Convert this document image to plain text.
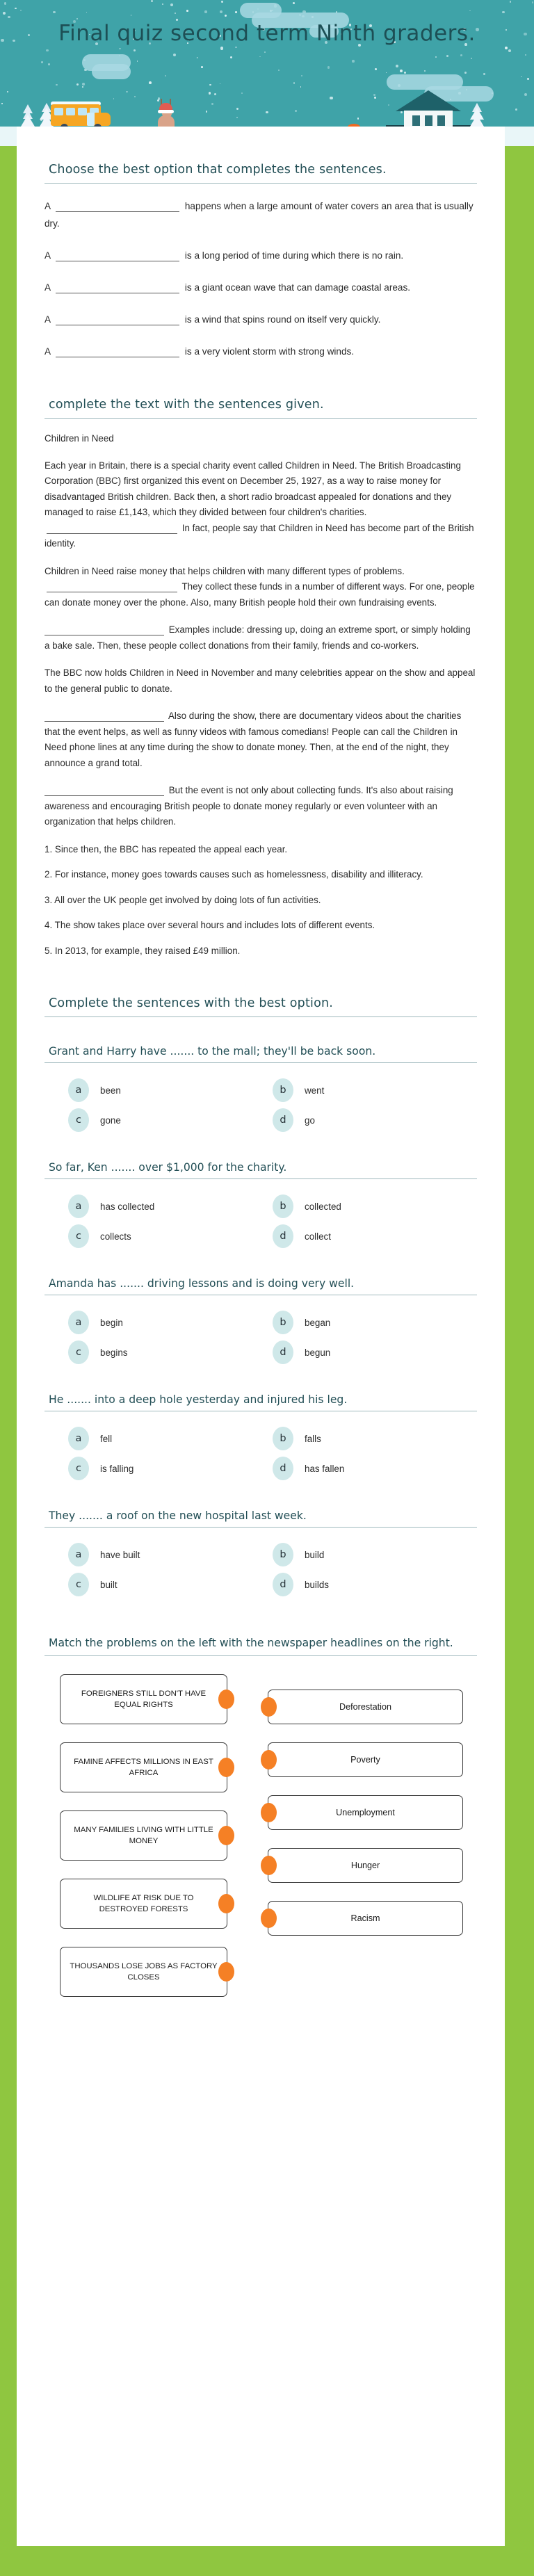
Final quiz second term Ninth graders.
Choose the best option that completes the sentences.
A	happens when a large amount of water covers an area that is usually dry.
A	is a long period of time during which there is no rain.
A	is a giant ocean wave that can damage coastal areas.
A	is a wind that spins round on itself very quickly.
A	is a very violent storm with strong winds.
complete the text with the sentences given.

Children in Need

Each year in Britain, there is a special charity event called Children in Need. The British Broadcasting Corporation (BBC) first organized this event on December 25, 1927, as a way to raise money for disadvantaged British children. Back then, a short radio broadcast appealed for donations and they managed to raise £1,143, which they divided between four children's charities.  In fact, people say that Children in Need has become part of the British identity.

Children in Need raise money that helps children with many different types of problems.  They collect these funds in a number of different ways. For one, people can donate money over the phone. Also, many British people hold their own fundraising events.

Examples include: dressing up, doing an extreme sport, or simply holding a bake sale. Then, these people collect donations from their family, friends and co-workers.

The BBC now holds Children in Need in November and many celebrities appear on the show and appeal to the general public to donate.

Also during the show, there are documentary videos about the charities that the event helps, as well as funny videos with famous comedians! People can call the Children in Need phone lines at any time during the show to donate money. Then, at the end of the night, they announce a grand total.

But the event is not only about collecting funds. It's also about raising awareness and encouraging British people to donate money regularly or even volunteer with an organization that helps children.

1. Since then, the BBC has repeated the appeal each year.

2. For instance, money goes towards causes such as homelessness, disability and illiteracy.

3. All over the UK people get involved by doing lots of fun activities.

4. The show takes place over several hours and includes lots of different events.

5. In 2013, for example, they raised £49 million.

Complete the sentences with the best option.
Grant and Harry have ....... to the mall; they'll be back soon.
a	been	b	went
c	gone	d	go
So far, Ken ....... over $1,000 for the charity.
a	has collected	b	collected
c	collects	d	collect
Amanda has ....... driving lessons and is doing very well.
a	begin	b	began
c	begins	d	begun
He ....... into a deep hole yesterday and injured his leg.
a	fell	b	falls
c	is falling	d	has fallen
They ....... a roof on the new hospital last week.
a	have built	b	build
c	built	d	builds
Match the problems on the left with the newspaper headlines on the right.
FOREIGNERS STILL DON'T HAVE EQUAL RIGHTS
FAMINE AFFECTS MILLIONS IN EAST AFRICA
MANY FAMILIES LIVING WITH LITTLE MONEY
WILDLIFE AT RISK DUE TO DESTROYED FORESTS
THOUSANDS LOSE JOBS AS FACTORY CLOSES
Deforestation
Poverty
Unemployment
Hunger
Racism
